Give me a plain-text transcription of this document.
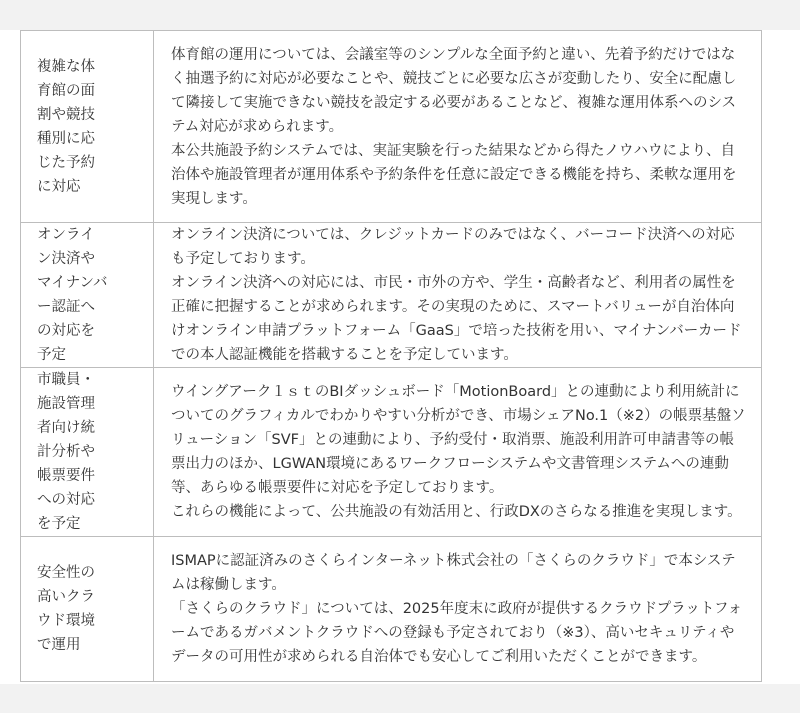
複雑な体育館の面割や競技種別に応じた予約に対応	体育館の運用については、会議室等のシンプルな全面予約と違い、先着予約だけではなく抽選予約に対応が必要なことや、競技ごとに必要な広さが変動したり、安全に配慮して隣接して実施できない競技を設定する必要があることなど、複雑な運用体系へのシステム対応が求められます。

本公共施設予約システムでは、実証実験を行った結果などから得たノウハウにより、自治体や施設管理者が運用体系や予約条件を任意に設定できる機能を持ち、柔軟な運用を実現します。

オンライン決済やマイナンバー認証への対応を予定	オンライン決済については、クレジットカードのみではなく、バーコード決済への対応も予定しております。

オンライン決済への対応には、市民・市外の方や、学生・高齢者など、利用者の属性を正確に把握することが求められます。その実現のために、スマートバリューが自治体向けオンライン申請プラットフォーム「GaaS」で培った技術を用い、マイナンバーカードでの本人認証機能を搭載することを予定しています。

市職員・施設管理者向け統計分析や帳票要件への対応を予定	ウイングアーク１ｓｔのBIダッシュボード「MotionBoard」との連動により利用統計についてのグラフィカルでわかりやすい分析ができ、市場シェアNo.1（※2）の帳票基盤ソリューション「SVF」との連動により、予約受付・取消票、施設利用許可申請書等の帳票出力のほか、LGWAN環境にあるワークフローシステムや文書管理システムへの連動等、あらゆる帳票要件に対応を予定しております。

これらの機能によって、公共施設の有効活用と、行政DXのさらなる推進を実現します。

安全性の高いクラウド環境で運用	ISMAPに認証済みのさくらインターネット株式会社の「さくらのクラウド」で本システムは稼働します。

「さくらのクラウド」については、2025年度末に政府が提供するクラウドプラットフォームであるガバメントクラウドへの登録も予定されており（※3）、高いセキュリティやデータの可用性が求められる自治体でも安心してご利用いただくことができます。
